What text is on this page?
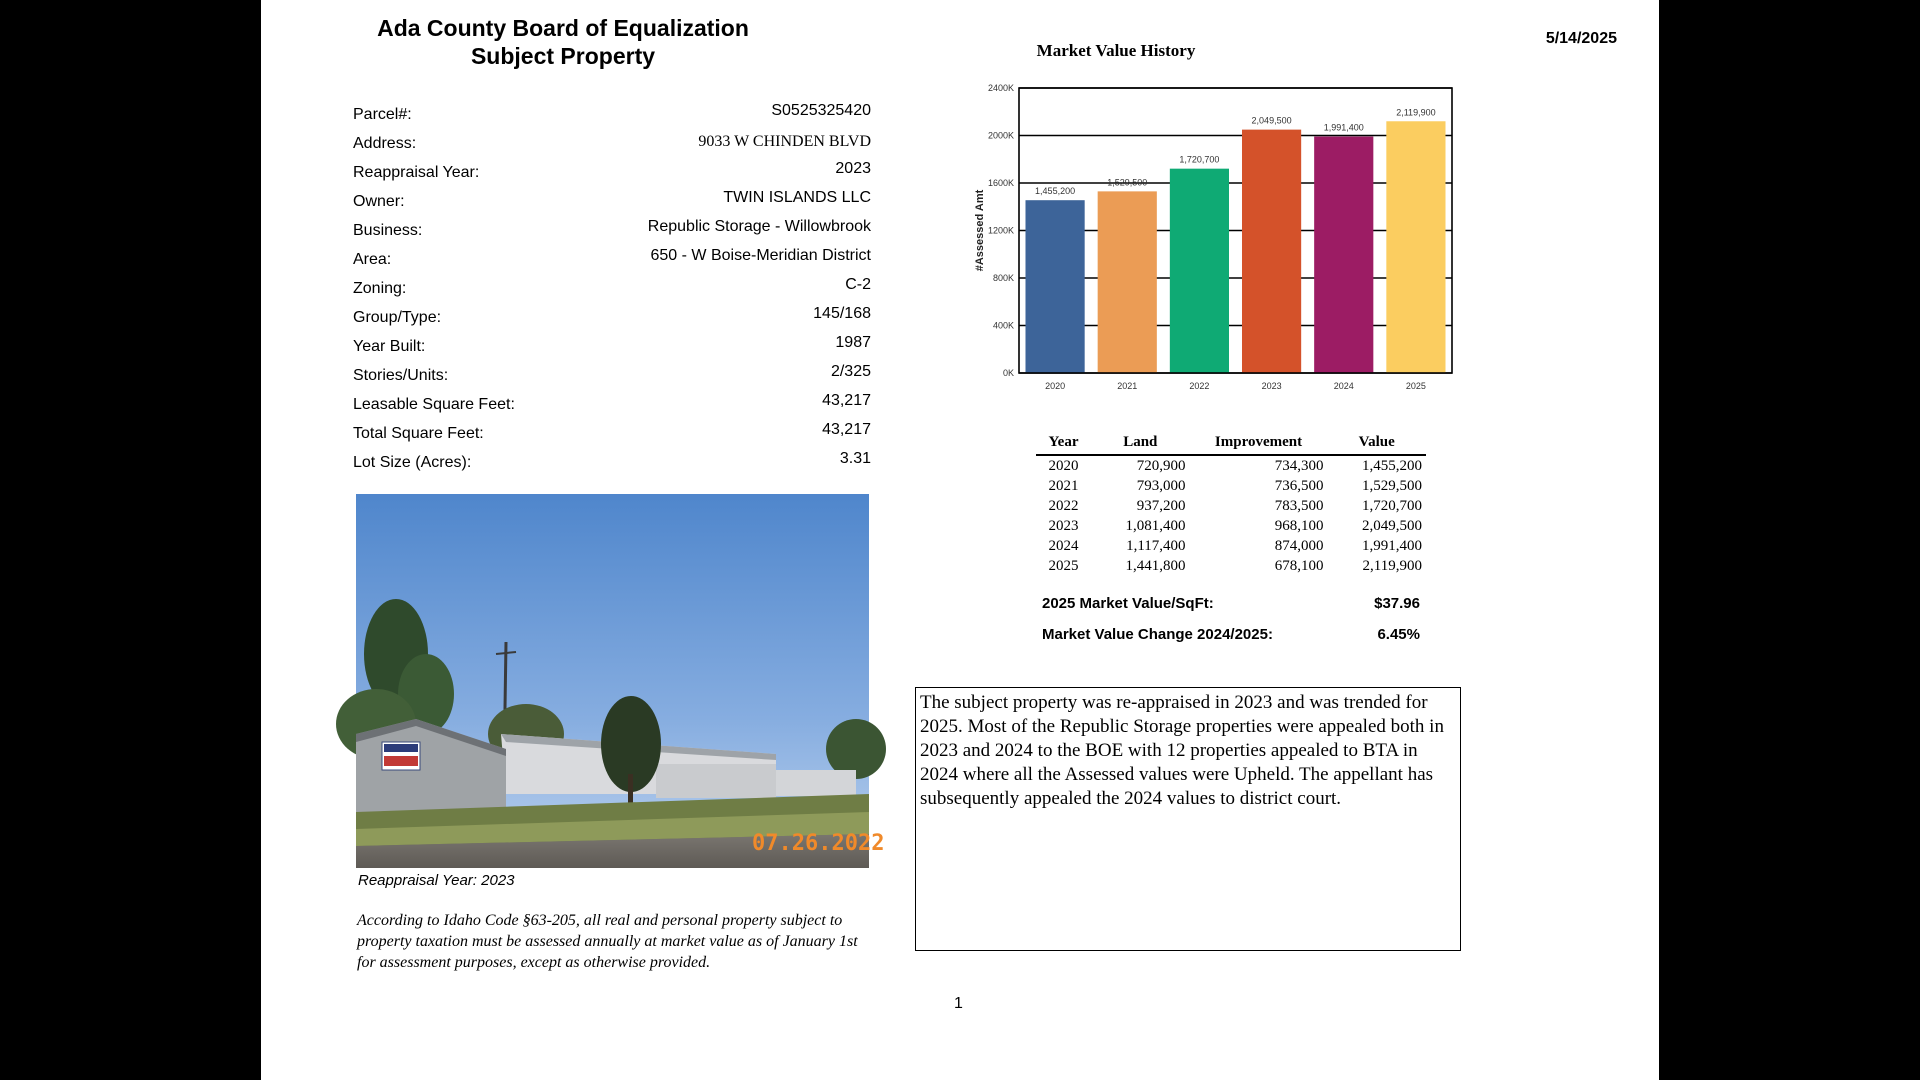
Ada County Board of Equalization
Subject Property
5/14/2025
Parcel#:	S0525325420
Address:	9033 W CHINDEN BLVD
Reappraisal Year:	2023
Owner:	TWIN ISLANDS LLC
Business:	Republic Storage - Willowbrook
Area:	650 - W Boise-Meridian District
Zoning:	C-2
Group/Type:	145/168
Year Built:	1987
Stories/Units:	2/325
Leasable Square Feet:	43,217
Total Square Feet:	43,217
Lot Size (Acres):	3.31
07.26.2022
Reappraisal Year: 2023
According to Idaho Code §63-205, all real and personal property subject to property taxation must be assessed annually at market value as of January 1st for assessment purposes, except as otherwise provided.
Market Value History
0K
400K
800K
1200K
1600K
2000K
2400K
1,455,200
2020
1,529,500
2021
1,720,700
2022
2,049,500
2023
1,991,400
2024
2,119,900
2025
#Assessed Amt
Year	Land	Improvement	Value
2020	720,900	734,300	1,455,200
2021	793,000	736,500	1,529,500
2022	937,200	783,500	1,720,700
2023	1,081,400	968,100	2,049,500
2024	1,117,400	874,000	1,991,400
2025	1,441,800	678,100	2,119,900
2025 Market Value/SqFt:	$37.96
Market Value Change 2024/2025:	6.45%
The subject property was re-appraised in 2023 and was trended for 2025. Most of the Republic Storage properties were appealed both in 2023 and 2024 to the BOE with 12 properties appealed to BTA in 2024 where all the Assessed values were Upheld. The appellant has subsequently appealed the 2024 values to district court.
1
